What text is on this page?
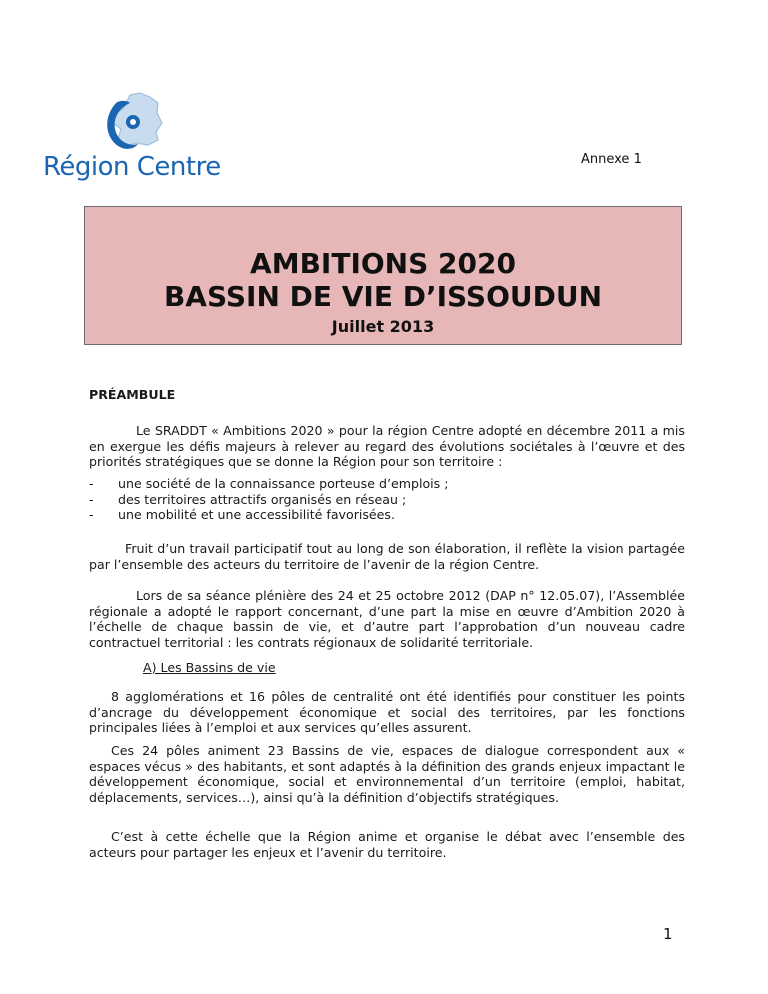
Région Centre	Annexe 1
AMBITIONS 2020
BASSIN DE VIE D’ISSOUDUN
Juillet 2013
PRÉAMBULE
Le SRADDT « Ambitions 2020 » pour la région Centre adopté en décembre 2011 a mis en exergue les défis majeurs à relever au regard des évolutions sociétales à l’œuvre et des priorités stratégiques que se donne la Région pour son territoire :
- une société de la connaissance porteuse d’emplois ;
- des territoires attractifs organisés en réseau ;
- une mobilité et une accessibilité favorisées.
Fruit d’un travail participatif tout au long de son élaboration, il reflète la vision partagée par l’ensemble des acteurs du territoire de l’avenir de la région Centre.
Lors de sa séance plénière des 24 et 25 octobre 2012 (DAP n° 12.05.07), l’Assemblée régionale a adopté le rapport concernant, d’une part la mise en œuvre d’Ambition 2020 à l’échelle de chaque bassin de vie, et d’autre part l’approbation d’un nouveau cadre contractuel territorial : les contrats régionaux de solidarité territoriale.
A) Les Bassins de vie
8 agglomérations et 16 pôles de centralité ont été identifiés pour constituer les points d’ancrage du développement économique et social des territoires, par les fonctions principales liées à l’emploi et aux services qu’elles assurent.
Ces 24 pôles animent 23 Bassins de vie, espaces de dialogue correspondent aux « espaces vécus » des habitants, et sont adaptés à la définition des grands enjeux impactant le développement économique, social et environnemental d’un territoire (emploi, habitat, déplacements, services…), ainsi qu’à la définition d’objectifs stratégiques.
C’est à cette échelle que la Région anime et organise le débat avec l’ensemble des acteurs pour partager les enjeux et l’avenir du territoire.
1
